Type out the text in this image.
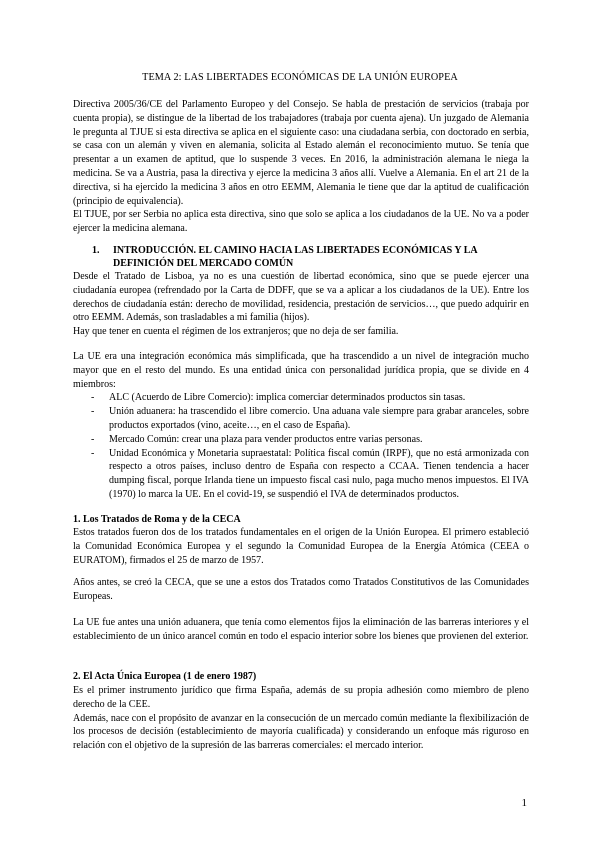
TEMA 2: LAS LIBERTADES ECONÓMICAS DE LA UNIÓN EUROPEA

Directiva 2005/36/CE del Parlamento Europeo y del Consejo. Se habla de prestación de servicios (trabaja por cuenta propia), se distingue de la libertad de los trabajadores (trabaja por cuenta ajena). Un juzgado de Alemania le pregunta al TJUE si esta directiva se aplica en el siguiente caso: una ciudadana serbia, con doctorado en serbia, se casa con un alemán y viven en alemania, solicita al Estado alemán el reconocimiento mutuo. Se tenía que presentar a un examen de aptitud, que lo suspende 3 veces. En 2016, la administración alemana le niega la medicina. Se va a Austria, pasa la directiva y ejerce la medicina 3 años allí. Vuelve a Alemania. En el art 21 de la directiva, si ha ejercido la medicina 3 años en otro EEMM, Alemania le tiene que dar la aptitud de cualificación (principio de equivalencia).

El TJUE, por ser Serbia no aplica esta directiva, sino que solo se aplica a los ciudadanos de la UE. No va a poder ejercer la medicina alemana.

1. INTRODUCCIÓN. EL CAMINO HACIA LAS LIBERTADES ECONÓMICAS Y LA DEFINICIÓN DEL MERCADO COMÚN

Desde el Tratado de Lisboa, ya no es una cuestión de libertad económica, sino que se puede ejercer una ciudadanía europea (refrendado por la Carta de DDFF, que se va a aplicar a los ciudadanos de la UE). Entre los derechos de ciudadanía están: derecho de movilidad, residencia, prestación de servicios…, que puedo adquirir en otro EEMM. Además, son trasladables a mi familia (hijos).

Hay que tener en cuenta el régimen de los extranjeros; que no deja de ser familia.

La UE era una integración económica más simplificada, que ha trascendido a un nivel de integración mucho mayor que en el resto del mundo. Es una entidad única con personalidad jurídica propia, que se divide en 4 miembros:

- ALC (Acuerdo de Libre Comercio): implica comerciar determinados productos sin tasas.
- Unión aduanera: ha trascendido el libre comercio. Una aduana vale siempre para grabar aranceles, sobre productos exportados (vino, aceite…, en el caso de España).
- Mercado Común: crear una plaza para vender productos entre varias personas.
- Unidad Económica y Monetaria supraestatal: Política fiscal común (IRPF), que no está armonizada con respecto a otros países, incluso dentro de España con respecto a CCAA. Tienen tendencia a hacer dumping fiscal, porque Irlanda tiene un impuesto fiscal casi nulo, paga mucho menos impuestos. El IVA (1970) lo marca la UE. En el covid-19, se suspendió el IVA de determinados productos.
1. Los Tratados de Roma y de la CECA

Estos tratados fueron dos de los tratados fundamentales en el origen de la Unión Europea. El primero estableció la Comunidad Económica Europea y el segundo la Comunidad Europea de la Energía Atómica (CEEA o EURATOM), firmados el 25 de marzo de 1957.

Años antes, se creó la CECA, que se une a estos dos Tratados como Tratados Constitutivos de las Comunidades Europeas.

La UE fue antes una unión aduanera, que tenía como elementos fijos la eliminación de las barreras interiores y el establecimiento de un único arancel común en todo el espacio interior sobre los bienes que provienen del exterior.

2. El Acta Única Europea (1 de enero 1987)

Es el primer instrumento jurídico que firma España, además de su propia adhesión como miembro de pleno derecho de la CEE.

Además, nace con el propósito de avanzar en la consecución de un mercado común mediante la flexibilización de los procesos de decisión (establecimiento de mayoría cualificada) y considerando un enfoque más riguroso en relación con el objetivo de la supresión de las barreras comerciales: el mercado interior.

1
